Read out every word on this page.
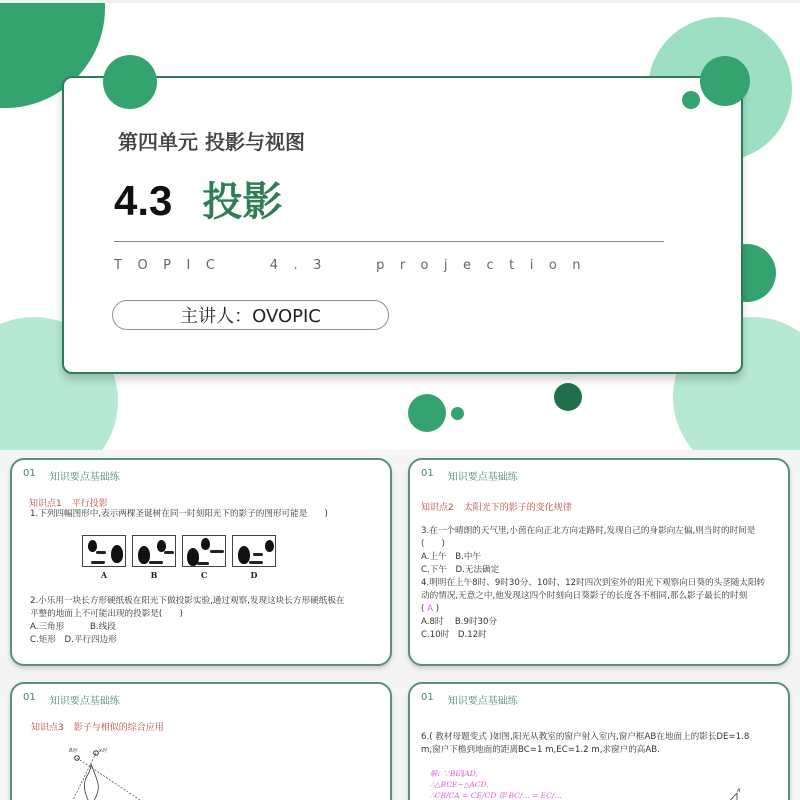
第四单元 投影与视图
4.3 投影
TOPIC  4.3  projection
主讲人：OVOPIC
01 知识要点基础练
知识点1 平行投影
1.下列四幅图形中,表示两棵圣诞树在同一时刻阳光下的影子的图形可能是　　)
A	B	C	D
2.小乐用一块长方形硬纸板在阳光下做投影实验,通过观察,发现这块长方形硬纸板在
平整的地面上不可能出现的投影是(　　)
A.三角形　　　B.线段
C.矩形　D.平行四边形
01 知识要点基础练
知识点2 太阳光下的影子的变化规律
3.在一个晴朗的天气里,小茵在向正北方向走路时,发现自己的身影向左偏,则当时的时间是
(　　)
A.上午　B.中午
C.下午　D.无法确定
4.明明在上午8时、9时30分、10时、12时四次到室外的阳光下观察向日葵的头茎随太阳转
动的情况,无意之中,他发现这四个时刻向日葵影子的长度各不相同,那么影子最长的时刻
( A )
A.8时　 B.9时30分
C.10时　D.12时
01 知识要点基础练
知识点3 影子与相似的综合应用
8时	x时
01 知识要点基础练
6.( 教材母题变式 )如图,阳光从教室的窗户射入室内,窗户框AB在地面上的影长DE=1.8
m,窗户下檐到地面的距离BC=1 m,EC=1.2 m,求窗户的高AB.
解: ∵BE∥AD,
∴△BCE∽△ACD,
∴CB/CA = CE/CD 即 BC/... = EC/...	A
